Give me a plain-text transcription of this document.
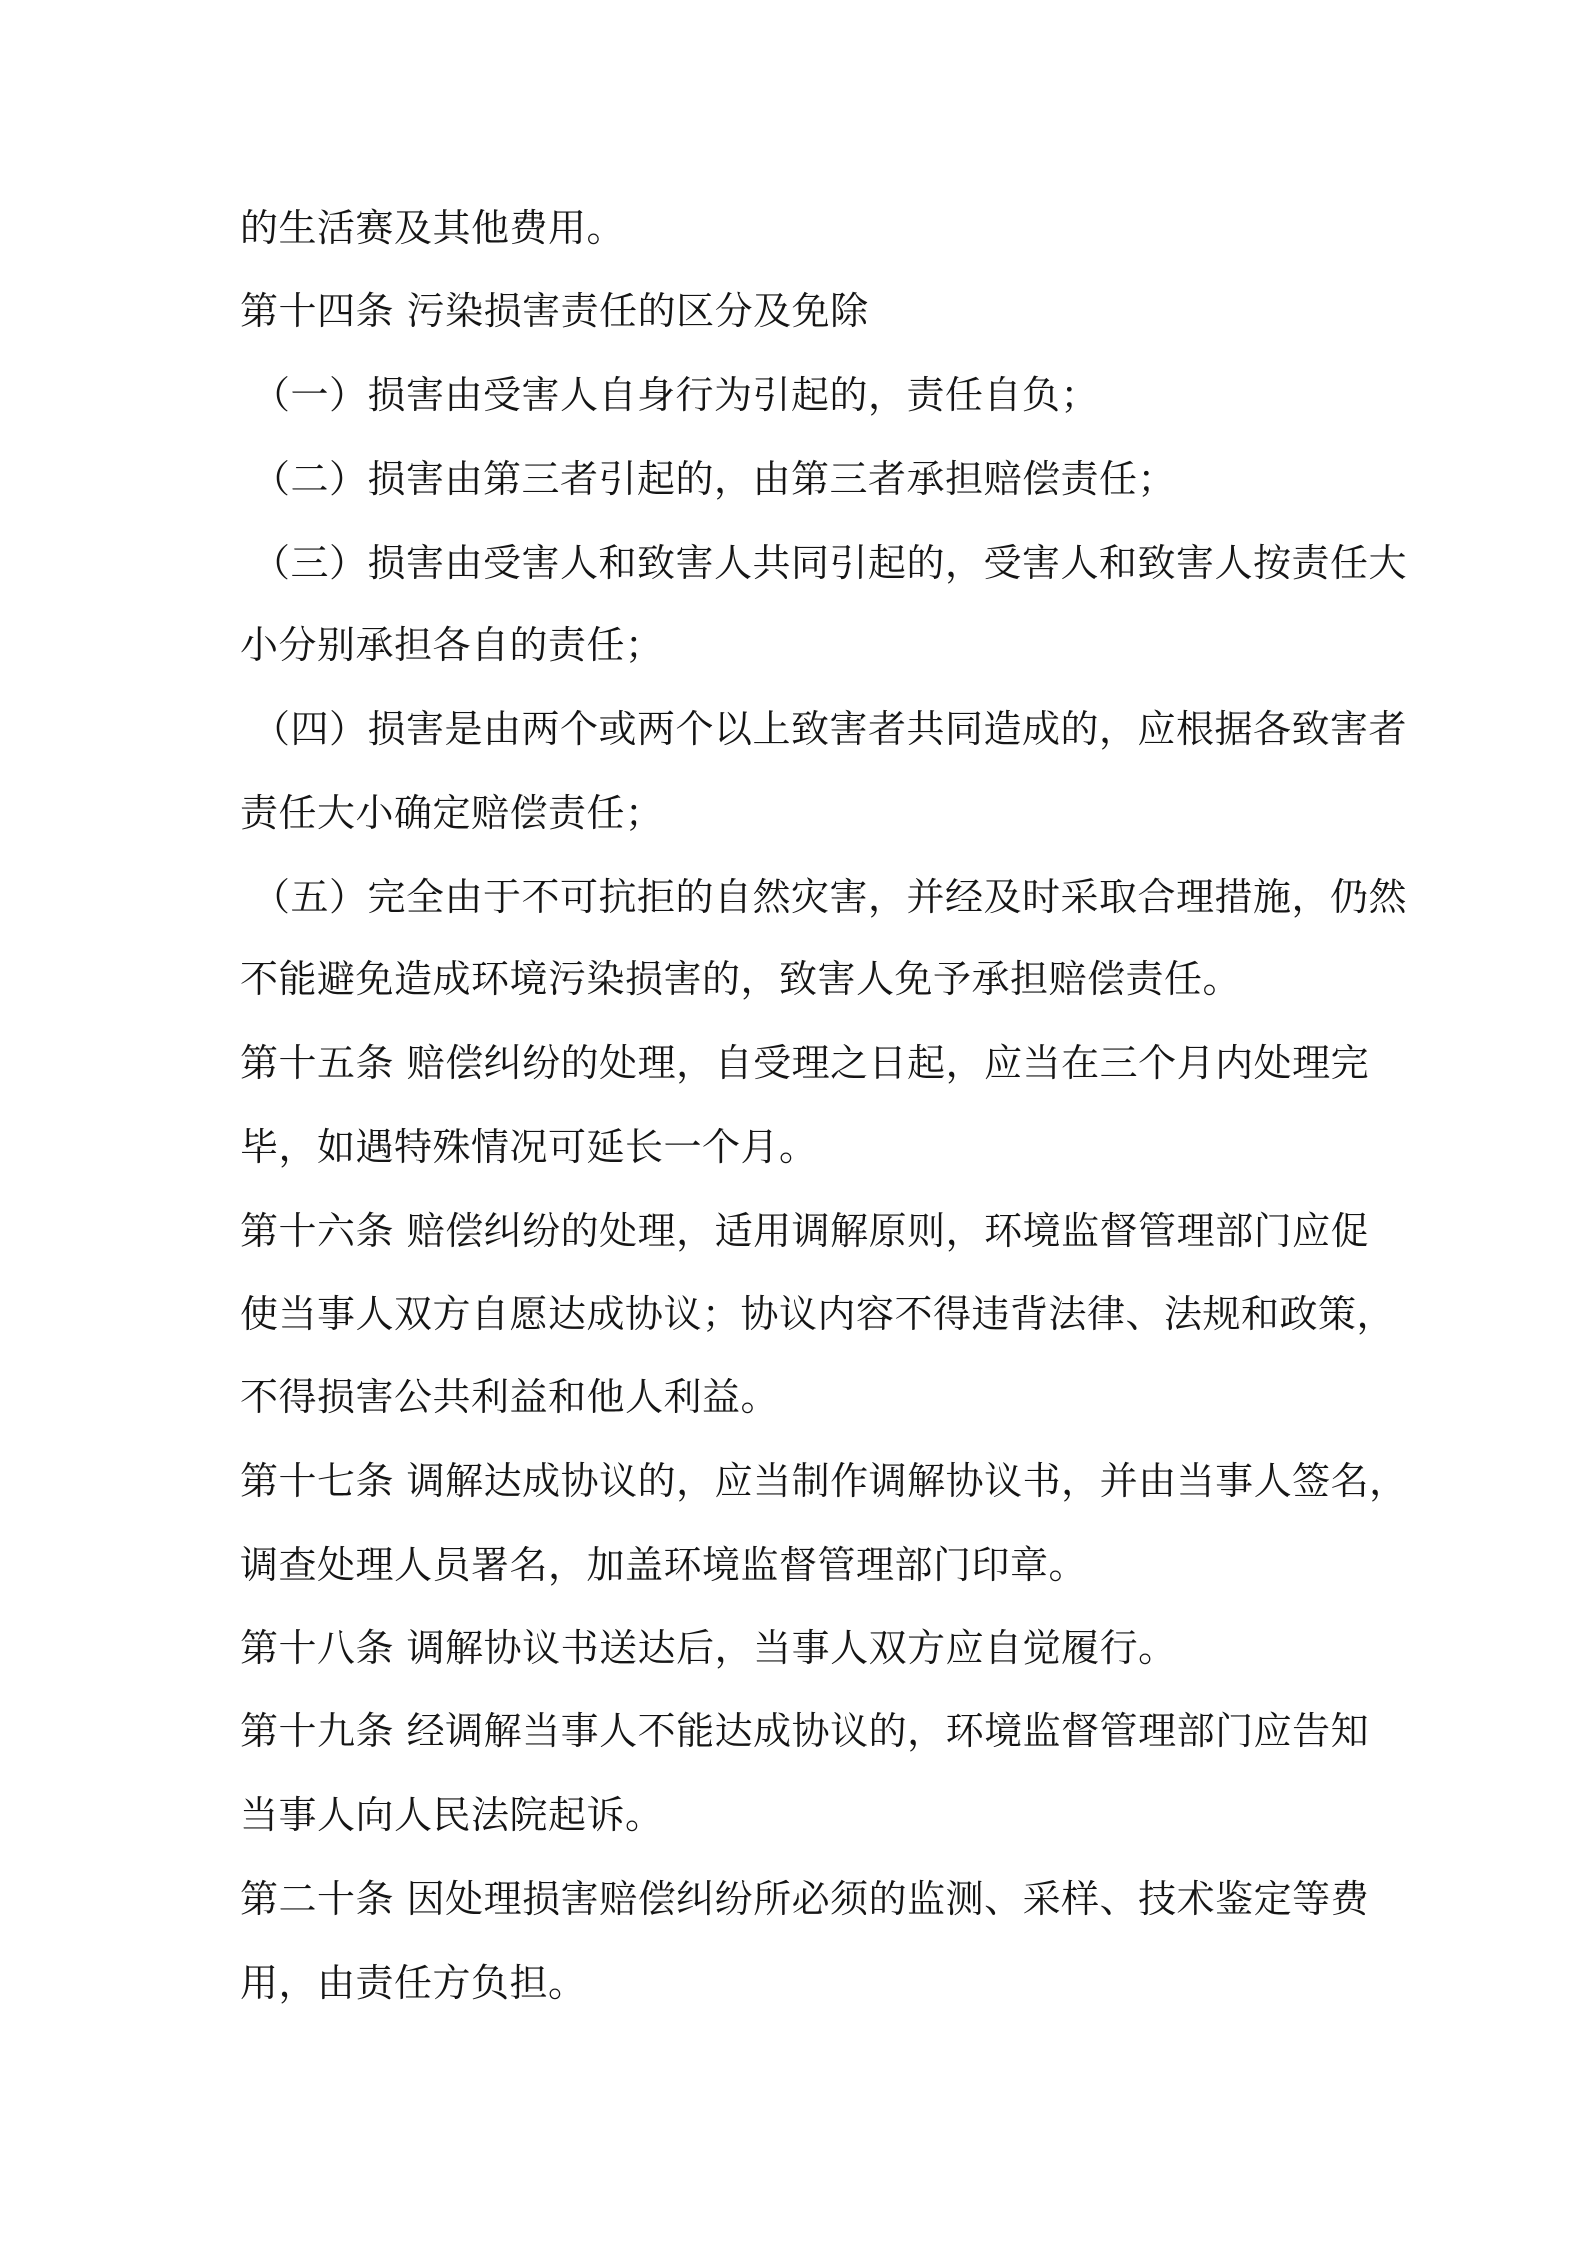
的生活赛及其他费用。

第十四条 污染损害责任的区分及免除

（一）损害由受害人自身行为引起的，责任自负；

（二）损害由第三者引起的，由第三者承担赔偿责任；

（三）损害由受害人和致害人共同引起的，受害人和致害人按责任大

小分别承担各自的责任；

（四）损害是由两个或两个以上致害者共同造成的，应根据各致害者

责任大小确定赔偿责任；

（五）完全由于不可抗拒的自然灾害，并经及时采取合理措施，仍然

不能避免造成环境污染损害的，致害人免予承担赔偿责任。

第十五条 赔偿纠纷的处理，自受理之日起，应当在三个月内处理完

毕，如遇特殊情况可延长一个月。

第十六条 赔偿纠纷的处理，适用调解原则，环境监督管理部门应促

使当事人双方自愿达成协议；协议内容不得违背法律、法规和政策，

不得损害公共利益和他人利益。

第十七条 调解达成协议的，应当制作调解协议书，并由当事人签名，

调查处理人员署名，加盖环境监督管理部门印章。

第十八条 调解协议书送达后，当事人双方应自觉履行。

第十九条 经调解当事人不能达成协议的，环境监督管理部门应告知

当事人向人民法院起诉。

第二十条 因处理损害赔偿纠纷所必须的监测、采样、技术鉴定等费

用，由责任方负担。
